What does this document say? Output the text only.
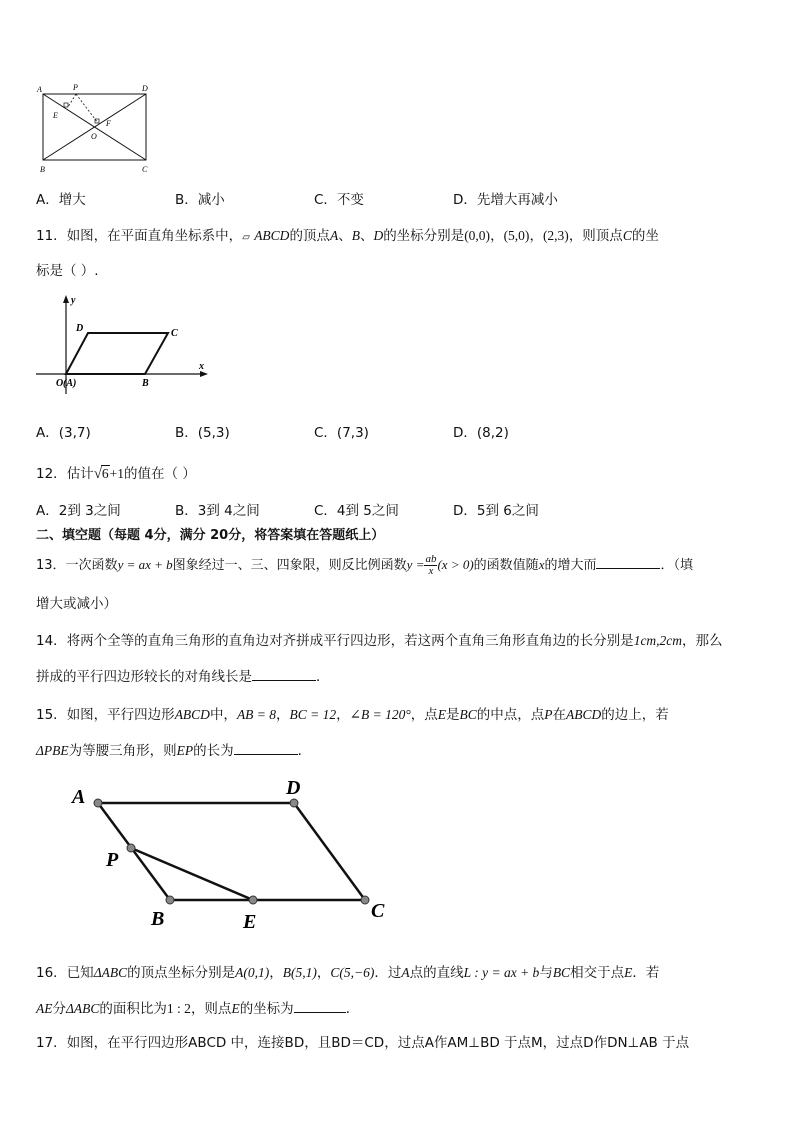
A	P	D
E
F
O
B	C
A．增大	B．减小	C．不变	D．先增大再减小
11．如图，在平面直角坐标系中，▱ ABCD的顶点A、B、D的坐标分别是(0,0)，(5,0)，(2,3)，则顶点C的坐
标是（ ）.
y
D	C
x
O (A)	B
A．(3,7)	B．(5,3)	C．(7,3)	D．(8,2)
12．估计√6+1的值在（ ）
A．2到 3之间	B．3到 4之间	C．4到 5之间	D．5到 6之间
二、填空题（每题 4分，满分 20分，将答案填在答题纸上）
13．一次函数y = ax + b图象经过一、三、四象限，则反比例函数$y = \frac{ab}{x} (x > 0)$的函数值随x的增大而	．（填
增大或减小）
14．将两个全等的直角三角形的直角边对齐拼成平行四边形，若这两个直角三角形直角边的长分别是1cm,2cm，那么
拼成的平行四边形较长的对角线长是	．
15．如图，平行四边形ABCD中，AB = 8，BC = 12，∠B = 120°，点E是BC的中点，点P在ABCD的边上，若
ΔPBE为等腰三角形，则EP的长为	．
A	D
P
B	E	C
16．已知ΔABC的顶点坐标分别是A(0,1)，B(5,1)，C(5,−6)．过A点的直线L : y = ax + b与BC相交于点E．若
AE分ΔABC的面积比为1 : 2，则点E的坐标为	．
17．如图，在平行四边形ABCD 中，连接BD，且BD＝CD，过点A作AM⊥BD 于点M，过点D作DN⊥AB 于点
